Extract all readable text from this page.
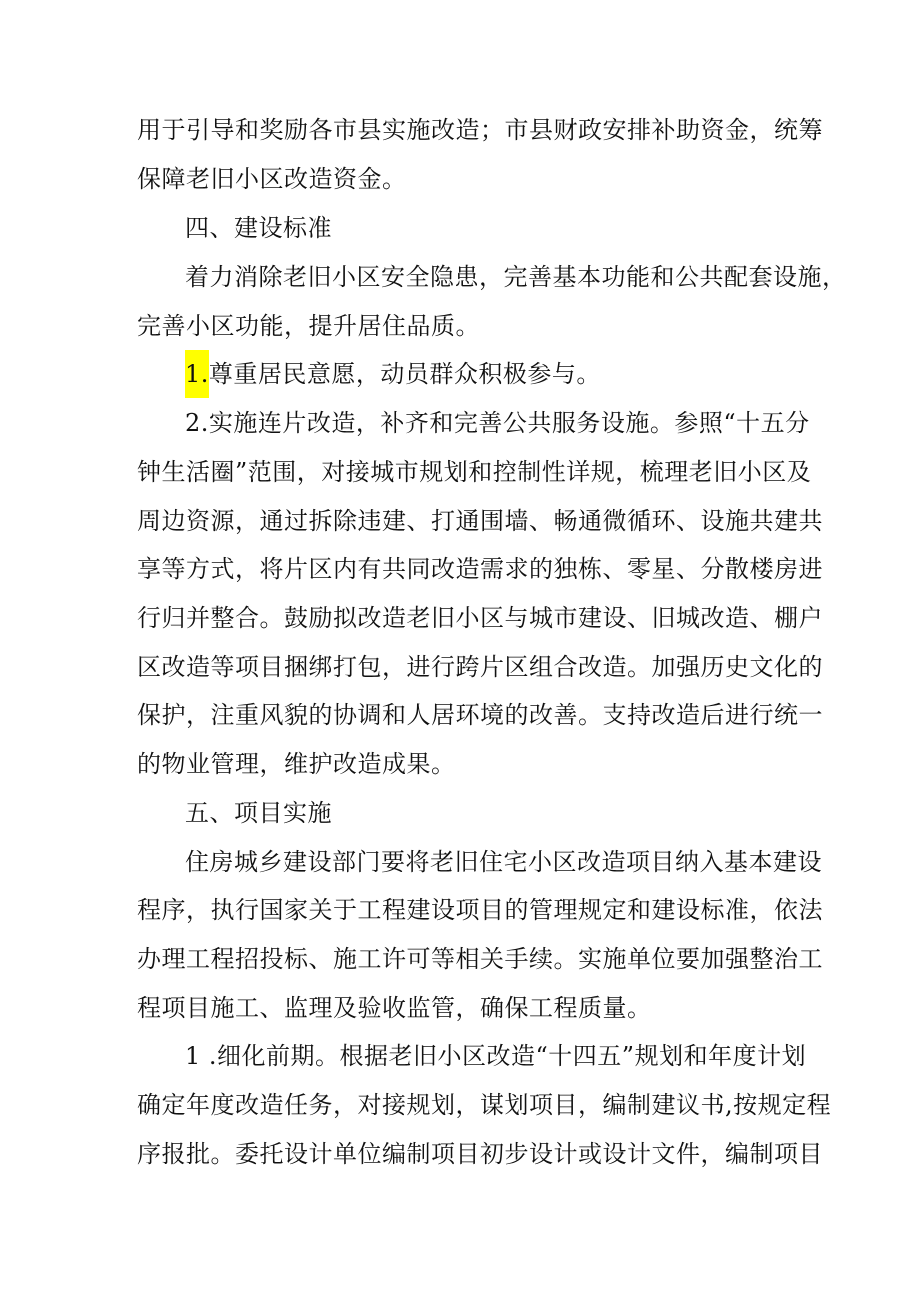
用于引导和奖励各市县实施改造；市县财政安排补助资金，统筹
保障老旧小区改造资金。
四、建设标准
着力消除老旧小区安全隐患，完善基本功能和公共配套设施，
完善小区功能，提升居住品质。
1.尊重居民意愿，动员群众积极参与。
2.实施连片改造，补齐和完善公共服务设施。参照“十五分
钟生活圈”范围，对接城市规划和控制性详规，梳理老旧小区及
周边资源，通过拆除违建、打通围墙、畅通微循环、设施共建共
享等方式，将片区内有共同改造需求的独栋、零星、分散楼房进
行归并整合。鼓励拟改造老旧小区与城市建设、旧城改造、棚户
区改造等项目捆绑打包，进行跨片区组合改造。加强历史文化的
保护，注重风貌的协调和人居环境的改善。支持改造后进行统一
的物业管理，维护改造成果。
五、项目实施
住房城乡建设部门要将老旧住宅小区改造项目纳入基本建设
程序，执行国家关于工程建设项目的管理规定和建设标准，依法
办理工程招投标、施工许可等相关手续。实施单位要加强整治工
程项目施工、监理及验收监管，确保工程质量。
1 .细化前期。根据老旧小区改造“十四五”规划和年度计划
确定年度改造任务，对接规划，谋划项目，编制建议书,按规定程
序报批。委托设计单位编制项目初步设计或设计文件，编制项目
